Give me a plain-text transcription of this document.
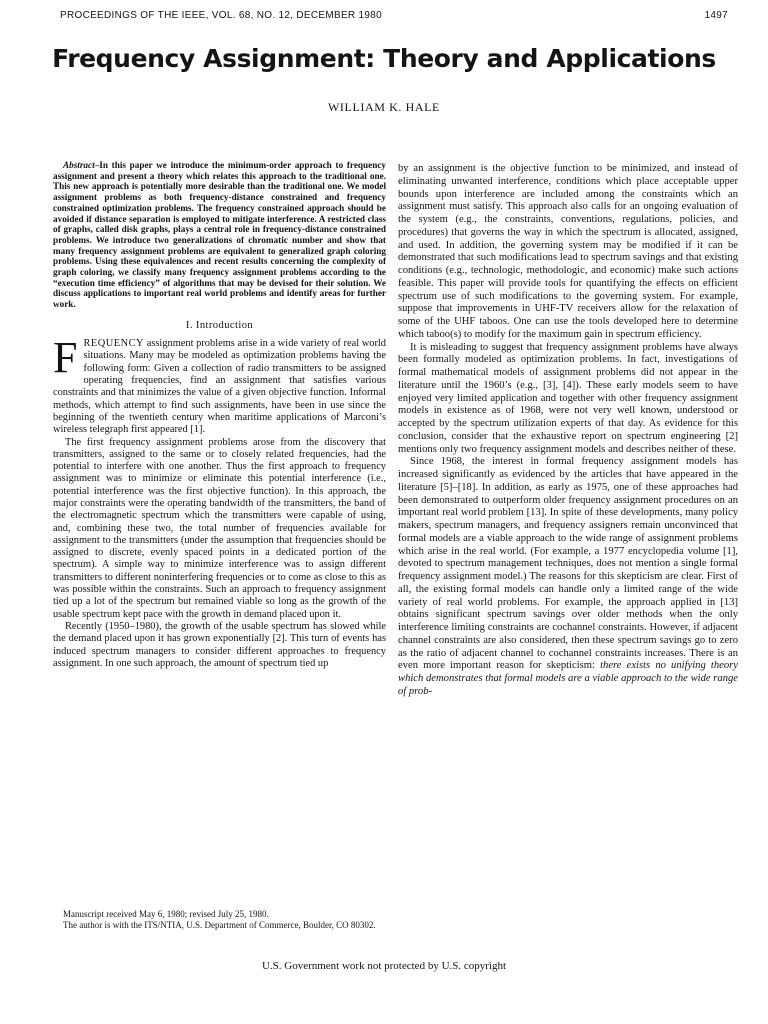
PROCEEDINGS OF THE IEEE, VOL. 68, NO. 12, DECEMBER 1980	1497
Frequency Assignment: Theory and Applications
WILLIAM K. HALE

Abstract–In this paper we introduce the minimum-order approach to frequency assignment and present a theory which relates this approach to the traditional one. This new approach is potentially more desirable than the traditional one. We model assignment problems as both frequency-distance constrained and frequency constrained optimization problems. The frequency constrained approach should be avoided if distance separation is employed to mitigate interference. A restricted class of graphs, called disk graphs, plays a central role in frequency-distance constrained problems. We introduce two generalizations of chromatic number and show that many frequency assignment problems are equivalent to generalized graph coloring problems. Using these equivalences and recent results concerning the complexity of graph coloring, we classify many frequency assignment problems according to the “execution time efficiency” of algorithms that may be devised for their solution. We discuss applications to important real world problems and identify areas for further work.

I. Introduction

FREQUENCY assignment problems arise in a wide variety of real world situations. Many may be modeled as optimization problems having the following form: Given a collection of radio transmitters to be assigned operating frequencies, find an assignment that satisfies various constraints and that minimizes the value of a given objective function. Informal methods, which attempt to find such assignments, have been in use since the beginning of the twentieth century when maritime applications of Marconi’s wireless telegraph first appeared [1].

The first frequency assignment problems arose from the discovery that transmitters, assigned to the same or to closely related frequencies, had the potential to interfere with one another. Thus the first approach to frequency assignment was to minimize or eliminate this potential interference (i.e., potential interference was the first objective function). In this approach, the major constraints were the operating bandwidth of the transmitters, the band of the electromagnetic spectrum which the transmitters were capable of using, and, combining these two, the total number of frequencies available for assignment to the transmitters (under the assumption that frequencies should be assigned to discrete, evenly spaced points in a dedicated portion of the spectrum). A simple way to minimize interference was to assign different transmitters to different noninterfering frequencies or to come as close to this as was possible within the constraints. Such an approach to frequency assignment tied up a lot of the spectrum but remained viable so long as the growth of the usable spectrum kept pace with the growth in demand placed upon it.

Recently (1950–1980), the growth of the usable spectrum has slowed while the demand placed upon it has grown exponentially [2]. This turn of events has induced spectrum managers to consider different approaches to frequency assignment. In one such approach, the amount of spectrum tied up

by an assignment is the objective function to be minimized, and instead of eliminating unwanted interference, conditions which place acceptable upper bounds upon interference are included among the constraints which an assignment must satisfy. This approach also calls for an ongoing evaluation of the system (e.g., the constraints, conventions, regulations, policies, and procedures) that governs the way in which the spectrum is allocated, assigned, and used. In addition, the governing system may be modified if it can be demonstrated that such modifications lead to spectrum savings and that existing conditions (e.g., technologic, methodologic, and economic) make such actions feasible. This paper will provide tools for quantifying the effects on efficient spectrum use of such modifications to the governing system. For example, suppose that improvements in UHF-TV receivers allow for the relaxation of some of the UHF taboos. One can use the tools developed here to determine which taboo(s) to modify for the maximum gain in spectrum efficiency.

It is misleading to suggest that frequency assignment problems have always been formally modeled as optimization problems. In fact, investigations of formal mathematical models of assignment problems did not appear in the literature until the 1960’s (e.g., [3], [4]). These early models seem to have enjoyed very limited application and together with other frequency assignment models in existence as of 1968, were not very well known, understood or accepted by the spectrum utilization experts of that day. As evidence for this conclusion, consider that the exhaustive report on spectrum engineering [2] mentions only two frequency assignment models and describes neither of these.

Since 1968, the interest in formal frequency assignment models has increased significantly as evidenced by the articles that have appeared in the literature [5]–[18]. In addition, as early as 1975, one of these approaches had been demonstrated to outperform older frequency assignment procedures on an important real world problem [13]. In spite of these developments, many policy makers, spectrum managers, and frequency assigners remain unconvinced that formal models are a viable approach to the wide range of assignment problems which arise in the real world. (For example, a 1977 encyclopedia volume [1], devoted to spectrum management techniques, does not mention a single formal frequency assignment model.) The reasons for this skepticism are clear. First of all, the existing formal models can handle only a limited range of the wide variety of real world problems. For example, the approach applied in [13] obtains significant spectrum savings over older methods when the only interference limiting constraints are cochannel constraints. However, if adjacent channel constraints are also considered, then these spectrum savings go to zero as the ratio of adjacent channel to cochannel constraints increases. There is an even more important reason for skepticism: there exists no unifying theory which demonstrates that formal models are a viable approach to the wide range of prob-

Manuscript received May 6, 1980; revised July 25, 1980.

The author is with the ITS/NTIA, U.S. Department of Commerce, Boulder, CO 80302.

U.S. Government work not protected by U.S. copyright
